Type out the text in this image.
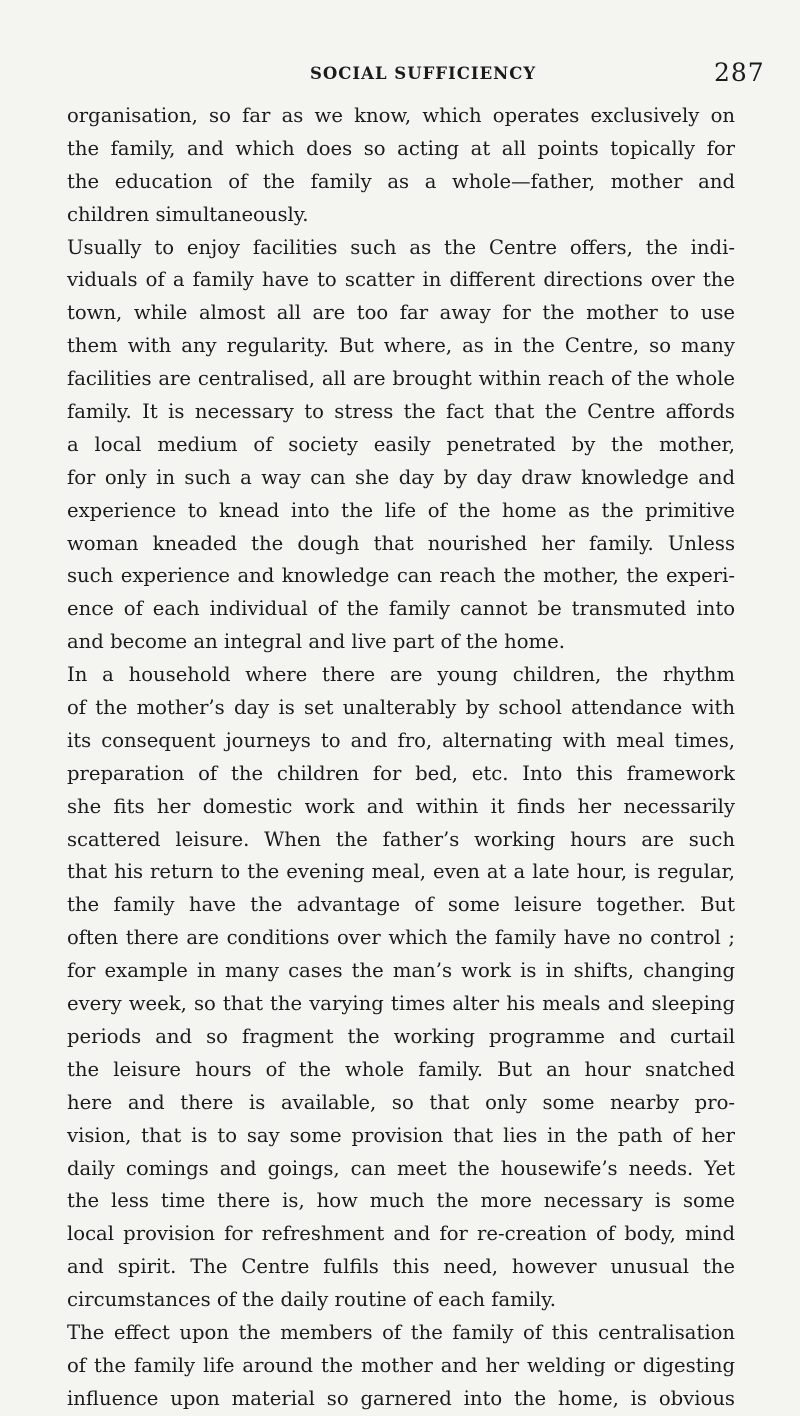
SOCIAL SUFFICIENCY	287
organisation, so far as we know, which operates exclusively on
the family, and which does so acting at all points topically for
the education of the family as a whole—father, mother and
children simultaneously.
Usually to enjoy facilities such as the Centre offers, the indi-
viduals of a family have to scatter in different directions over the
town, while almost all are too far away for the mother to use
them with any regularity. But where, as in the Centre, so many
facilities are centralised, all are brought within reach of the whole
family. It is necessary to stress the fact that the Centre affords
a local medium of society easily penetrated by the mother,
for only in such a way can she day by day draw knowledge and
experience to knead into the life of the home as the primitive
woman kneaded the dough that nourished her family. Unless
such experience and knowledge can reach the mother, the experi-
ence of each individual of the family cannot be transmuted into
and become an integral and live part of the home.
In a household where there are young children, the rhythm
of the mother’s day is set unalterably by school attendance with
its consequent journeys to and fro, alternating with meal times,
preparation of the children for bed, etc. Into this framework
she fits her domestic work and within it finds her necessarily
scattered leisure. When the father’s working hours are such
that his return to the evening meal, even at a late hour, is regular,
the family have the advantage of some leisure together. But
often there are conditions over which the family have no control ;
for example in many cases the man’s work is in shifts, changing
every week, so that the varying times alter his meals and sleeping
periods and so fragment the working programme and curtail
the leisure hours of the whole family. But an hour snatched
here and there is available, so that only some nearby pro-
vision, that is to say some provision that lies in the path of her
daily comings and goings, can meet the housewife’s needs. Yet
the less time there is, how much the more necessary is some
local provision for refreshment and for re-creation of body, mind
and spirit. The Centre fulfils this need, however unusual the
circumstances of the daily routine of each family.
The effect upon the members of the family of this centralisation
of the family life around the mother and her welding or digesting
influence upon material so garnered into the home, is obvious
